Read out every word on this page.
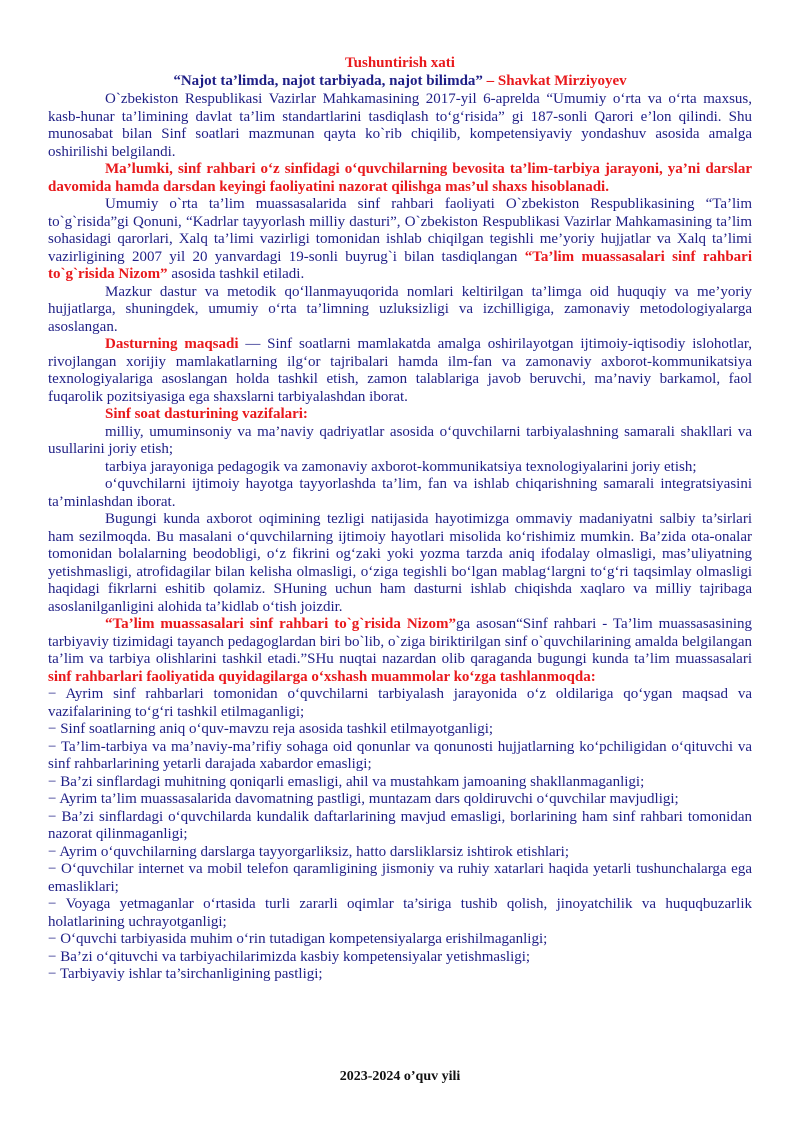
Tushuntirish xati
“Najot ta’limda, najot tarbiyada, najot bilimda” – Shavkat Mirziyoyev

O`zbekiston Respublikasi Vazirlar Mahkamasining 2017-yil 6-aprelda “Umumiy o‘rta va o‘rta maxsus, kasb-hunar ta’limining davlat ta’lim standartlarini tasdiqlash to‘g‘risida” gi 187-sonli Qarori e’lon qilindi. Shu munosabat bilan Sinf soatlari mazmunan qayta ko`rib chiqilib, kompetensiyaviy yondashuv asosida amalga oshirilishi belgilandi.

Ma’lumki, sinf rahbari o‘z sinfidagi o‘quvchilarning bevosita ta’lim-tarbiya jarayoni, ya’ni darslar davomida hamda darsdan keyingi faoliyatini nazorat qilishga mas’ul shaxs hisoblanadi.

Umumiy o`rta ta’lim muassasalarida sinf rahbari faoliyati O`zbekiston Respublikasining “Ta’lim to`g`risida”gi Qonuni, “Kadrlar tayyorlash milliy dasturi”, O`zbekiston Respublikasi Vazirlar Mahkamasining ta’lim sohasidagi qarorlari, Xalq ta’limi vazirligi tomonidan ishlab chiqilgan tegishli me’yoriy hujjatlar va Xalq ta’limi vazirligining 2007 yil 20 yanvardagi 19-sonli buyrug`i bilan tasdiqlangan “Ta’lim muassasalari sinf rahbari to`g`risida Nizom” asosida tashkil etiladi.

Mazkur dastur va metodik qo‘llanmayuqorida nomlari keltirilgan ta’limga oid huquqiy va me’yoriy hujjatlarga, shuningdek, umumiy o‘rta ta’limning uzluksizligi va izchilligiga, zamonaviy metodologiyalarga asoslangan.

Dasturning maqsadi — Sinf soatlarni mamlakatda amalga oshirilayotgan ijtimoiy-iqtisodiy islohotlar, rivojlangan xorijiy mamlakatlarning ilg‘or tajribalari hamda ilm-fan va zamonaviy axborot-kommunikatsiya texnologiyalariga asoslangan holda tashkil etish, zamon talablariga javob beruvchi, ma’naviy barkamol, faol fuqarolik pozitsiyasiga ega shaxslarni tarbiyalashdan iborat.

Sinf soat dasturining vazifalari:

milliy, umuminsoniy va ma’naviy qadriyatlar asosida o‘quvchilarni tarbiyalashning samarali shakllari va usullarini joriy etish;

tarbiya jarayoniga pedagogik va zamonaviy axborot-kommunikatsiya texnologiyalarini joriy etish;

o‘quvchilarni ijtimoiy hayotga tayyorlashda ta’lim, fan va ishlab chiqarishning samarali integratsiyasini ta’minlashdan iborat.

Bugungi kunda axborot oqimining tezligi natijasida hayotimizga ommaviy madaniyatni salbiy ta’sirlari ham sezilmoqda. Bu masalani o‘quvchilarning ijtimoiy hayotlari misolida ko‘rishimiz mumkin. Ba’zida ota-onalar tomonidan bolalarning beodobligi, o‘z fikrini og‘zaki yoki yozma tarzda aniq ifodalay olmasligi, mas’uliyatning yetishmasligi, atrofidagilar bilan kelisha olmasligi, o‘ziga tegishli bo‘lgan mablag‘largni to‘g‘ri taqsimlay olmasligi haqidagi fikrlarni eshitib qolamiz. SHuning uchun ham dasturni ishlab chiqishda xaqlaro va milliy tajribaga asoslanilganligini alohida ta’kidlab o‘tish joizdir.

“Ta’lim muassasalari sinf rahbari to`g`risida Nizom”ga asosan“Sinf rahbari - Ta’lim muassasasining tarbiyaviy tizimidagi tayanch pedagoglardan biri bo`lib, o`ziga biriktirilgan sinf o`quvchilarining amalda belgilangan ta’lim va tarbiya olishlarini tashkil etadi.”SHu nuqtai nazardan olib qaraganda bugungi kunda ta’lim muassasalari sinf rahbarlari faoliyatida quyidagilarga o‘xshash muammolar ko‘zga tashlanmoqda:

− Ayrim sinf rahbarlari tomonidan o‘quvchilarni tarbiyalash jarayonida o‘z oldilariga qo‘ygan maqsad va vazifalarining to‘g‘ri tashkil etilmaganligi;

− Sinf soatlarning aniq o‘quv-mavzu reja asosida tashkil etilmayotganligi;

− Ta’lim-tarbiya va ma’naviy-ma’rifiy sohaga oid qonunlar va qonunosti hujjatlarning ko‘pchiligidan o‘qituvchi va sinf rahbarlarining yetarli darajada xabardor emasligi;

− Ba’zi sinflardagi muhitning qoniqarli emasligi, ahil va mustahkam jamoaning shakllanmaganligi;

− Ayrim ta’lim muassasalarida davomatning pastligi, muntazam dars qoldiruvchi o‘quvchilar mavjudligi;

− Ba’zi sinflardagi o‘quvchilarda kundalik daftarlarining mavjud emasligi, borlarining ham sinf rahbari tomonidan nazorat qilinmaganligi;

− Ayrim o‘quvchilarning darslarga tayyorgarliksiz, hatto darsliklarsiz ishtirok etishlari;

− O‘quvchilar internet va mobil telefon qaramligining jismoniy va ruhiy xatarlari haqida yetarli tushunchalarga ega emasliklari;

− Voyaga yetmaganlar o‘rtasida turli zararli oqimlar ta’siriga tushib qolish, jinoyatchilik va huquqbuzarlik holatlarining uchrayotganligi;

− O‘quvchi tarbiyasida muhim o‘rin tutadigan kompetensiyalarga erishilmaganligi;

− Ba’zi o‘qituvchi va tarbiyachilarimizda kasbiy kompetensiyalar yetishmasligi;

− Tarbiyaviy ishlar ta’sirchanligining pastligi;

2023-2024 o’quv yili
